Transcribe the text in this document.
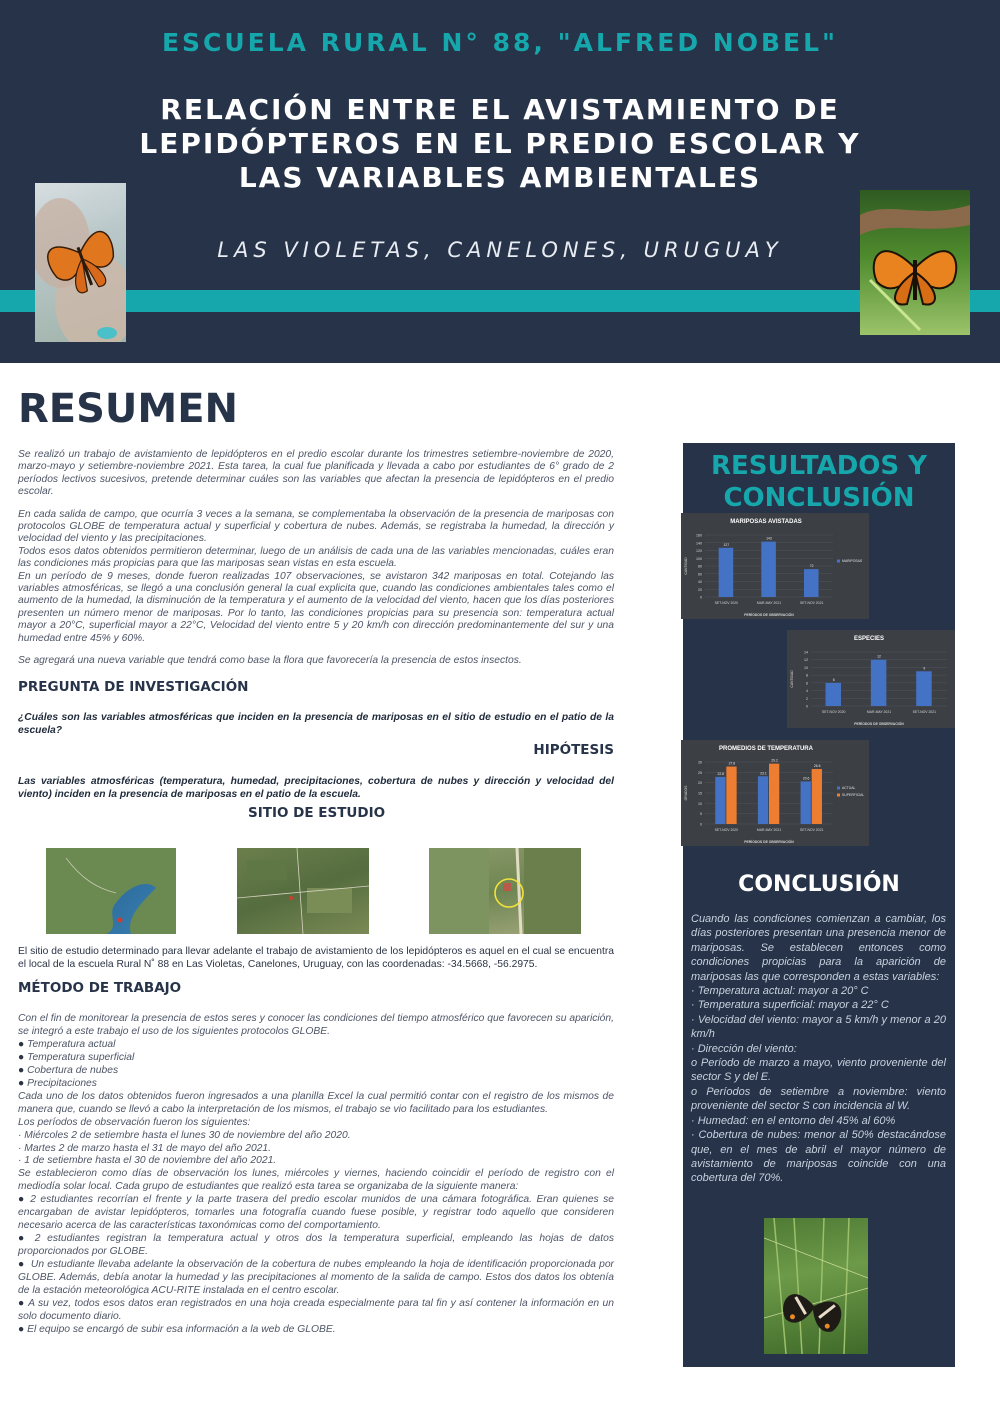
ESCUELA RURAL N° 88, "ALFRED NOBEL"
RELACIÓN ENTRE EL AVISTAMIENTO DE LEPIDÓPTEROS EN EL PREDIO ESCOLAR Y LAS VARIABLES AMBIENTALES
LAS VIOLETAS, CANELONES, URUGUAY
RESUMEN

Se realizó un trabajo de avistamiento de lepidópteros en el predio escolar durante los trimestres setiembre-noviembre de 2020, marzo-mayo y setiembre-noviembre 2021. Esta tarea, la cual fue planificada y llevada a cabo por estudiantes de 6° grado de 2 períodos lectivos sucesivos, pretende determinar cuáles son las variables que afectan la presencia de lepidópteros en el predio escolar.

En cada salida de campo, que ocurría 3 veces a la semana, se complementaba la observación de la presencia de mariposas con protocolos GLOBE de temperatura actual y superficial y cobertura de nubes. Además, se registraba la humedad, la dirección y velocidad del viento y las precipitaciones.

Todos esos datos obtenidos permitieron determinar, luego de un análisis de cada una de las variables mencionadas, cuáles eran las condiciones más propicias para que las mariposas sean vistas en esta escuela.

En un período de 9 meses, donde fueron realizadas 107 observaciones, se avistaron 342 mariposas en total. Cotejando las variables atmosféricas, se llegó a una conclusión general la cual explicita que, cuando las condiciones ambientales tales como el aumento de la humedad, la disminución de la temperatura y el aumento de la velocidad del viento, hacen que los días posteriores presenten un número menor de mariposas. Por lo tanto, las condiciones propicias para su presencia son: temperatura actual mayor a 20°C, superficial mayor a 22°C, Velocidad del viento entre 5 y 20 km/h con dirección predominantemente del sur y una humedad entre 45% y 60%.

Se agregará una nueva variable que tendrá como base la flora que favorecería la presencia de estos insectos.

PREGUNTA DE INVESTIGACIÓN
¿Cuáles son las variables atmosféricas que inciden en la presencia de mariposas en el sitio de estudio en el patio de la escuela?
HIPÓTESIS
Las variables atmosféricas (temperatura, humedad, precipitaciones, cobertura de nubes y dirección y velocidad del viento) inciden en la presencia de mariposas en el patio de la escuela.
SITIO DE ESTUDIO
El sitio de estudio determinado para llevar adelante el trabajo de avistamiento de los lepidópteros es aquel en el cual se encuentra el local de la escuela Rural N˚ 88 en Las Violetas, Canelones, Uruguay, con las coordenadas: -34.5668, -56.2975.
MÉTODO DE TRABAJO

Con el fin de monitorear la presencia de estos seres y conocer las condiciones del tiempo atmosférico que favorecen su aparición, se integró a este trabajo el uso de los siguientes protocolos GLOBE.

● Temperatura actual

● Temperatura superficial

● Cobertura de nubes

● Precipitaciones

Cada uno de los datos obtenidos fueron ingresados a una planilla Excel la cual permitió contar con el registro de los mismos de manera que, cuando se llevó a cabo la interpretación de los mismos, el trabajo se vio facilitado para los estudiantes.

Los períodos de observación fueron los siguientes:

· Miércoles 2 de setiembre hasta el lunes 30 de noviembre del año 2020.

· Martes 2 de marzo hasta el 31 de mayo del año 2021.

· 1 de setiembre hasta el 30 de noviembre del año 2021.

Se establecieron como días de observación los lunes, miércoles y viernes, haciendo coincidir el período de registro con el mediodía solar local. Cada grupo de estudiantes que realizó esta tarea se organizaba de la siguiente manera:

● 2 estudiantes recorrían el frente y la parte trasera del predio escolar munidos de una cámara fotográfica. Eran quienes se encargaban de avistar lepidópteros, tomarles una fotografía cuando fuese posible, y registrar todo aquello que consideren necesario acerca de las características taxonómicas como del comportamiento.

● 2 estudiantes registran la temperatura actual y otros dos la temperatura superficial, empleando las hojas de datos proporcionados por GLOBE.

●  Un estudiante llevaba adelante la observación de la cobertura de nubes empleando la hoja de identificación proporcionada por GLOBE. Además, debía anotar la humedad y las precipitaciones al momento de la salida de campo. Estos dos datos los obtenía de la estación meteorológica ACU-RITE instalada en el centro escolar.

● A su vez, todos esos datos eran registrados en una hoja creada especialmente para tal fin y así contener la información en un solo documento diario.

● El equipo se encargó de subir esa información a la web de GLOBE.

RESULTADOS Y CONCLUSIÓN
MARIPOSAS AVISTADAS
0
20
40
60
80
100
120
140
160
CANTIDAD
PERÍODOS DE OBSERVACIÓN
127
SET-NOV 2020
143
MAR-MAY 2021
72
SET-NOV 2021
MARIPOSAS
ESPECIES
0
2
4
6
8
10
12
14
CANTIDAD
PERÍODOS DE OBSERVACIÓN
6
SET-NOV 2020
12
MAR-MAY 2021
9
SET-NOV 2021
PROMEDIOS DE TEMPERATURA
0
5
10
15
20
25
30
GRADOS
PERÍODOS DE OBSERVACIÓN
22.8
27.8
SET-NOV 2020
23.1
29.2
MAR-MAY 2021
20.6
26.6
SET-NOV 2021
ACTUAL
SUPERFICIAL
CONCLUSIÓN

Cuando las condiciones comienzan a cambiar, los días posteriores presentan una presencia menor de mariposas. Se establecen entonces como condiciones propicias para la aparición de mariposas las que corresponden a estas variables:

· Temperatura actual: mayor a 20° C

· Temperatura superficial: mayor a 22° C

· Velocidad del viento: mayor a 5 km/h y menor a 20 km/h

· Dirección del viento:

o Período de marzo a mayo, viento proveniente del sector S y del E.

o Períodos de setiembre a noviembre: viento proveniente del sector S con incidencia al W.

· Humedad: en el entorno del 45% al 60%

· Cobertura de nubes: menor al 50% destacándose que, en el mes de abril el mayor número de avistamiento de mariposas coincide con una cobertura del 70%.
